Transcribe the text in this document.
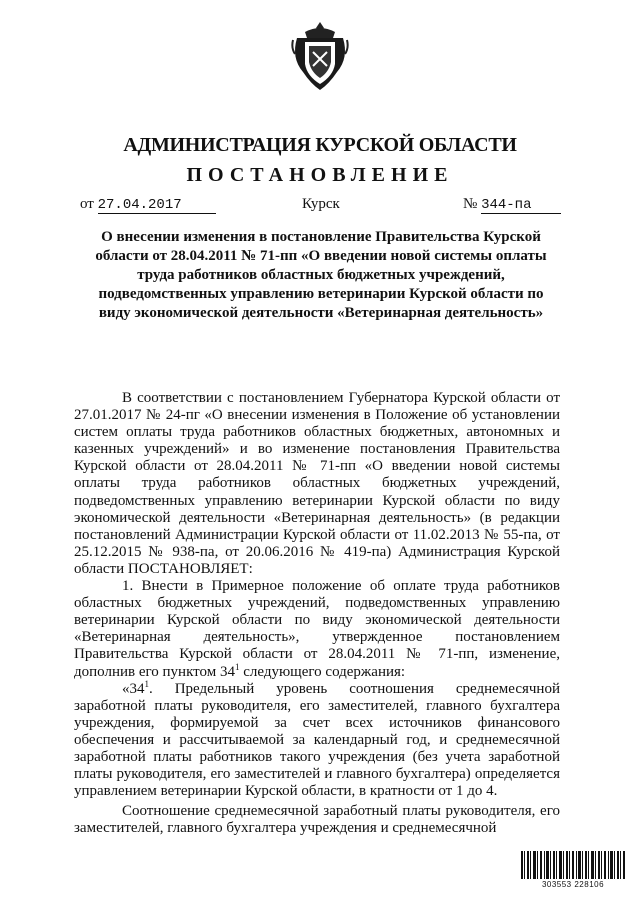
АДМИНИСТРАЦИЯ КУРСКОЙ ОБЛАСТИ
ПОСТАНОВЛЕНИЕ
от 27.04.2017	Курск	№ 344-па
О внесении изменения в постановление Правительства Курской области от 28.04.2011 № 71-пп «О введении новой системы оплаты труда работников областных бюджетных учреждений, подведомственных управлению ветеринарии Курской области по виду экономической деятельности «Ветеринарная деятельность»

В соответствии с постановлением Губернатора Курской области от 27.01.2017 № 24-пг «О внесении изменения в Положение об установлении систем оплаты труда работников областных бюджетных, автономных и казенных учреждений» и во изменение постановления Правительства Курской области от 28.04.2011 № 71-пп «О введении новой системы оплаты труда работников областных бюджетных учреждений, подведомственных управлению ветеринарии Курской области по виду экономической деятельности «Ветеринарная деятельность» (в редакции постановлений Администрации Курской области от 11.02.2013 № 55-па, от 25.12.2015 № 938-па, от 20.06.2016 № 419-па) Администрация Курской области ПОСТАНОВЛЯЕТ:

1. Внести в Примерное положение об оплате труда работников областных бюджетных учреждений, подведомственных управлению ветеринарии Курской области по виду экономической деятельности «Ветеринарная деятельность», утвержденное постановлением Правительства Курской области от 28.04.2011 № 71-пп, изменение, дополнив его пунктом $34^1$ следующего содержания:

«$34^1$. Предельный уровень соотношения среднемесячной заработной платы руководителя, его заместителей, главного бухгалтера учреждения, формируемой за счет всех источников финансового обеспечения и рассчитываемой за календарный год, и среднемесячной заработной платы работников такого учреждения (без учета заработной платы руководителя, его заместителей и главного бухгалтера) определяется управлением ветеринарии Курской области, в кратности от 1 до 4.

Соотношение среднемесячной заработный платы руководителя, его заместителей, главного бухгалтера учреждения и среднемесячной

303553 228106
